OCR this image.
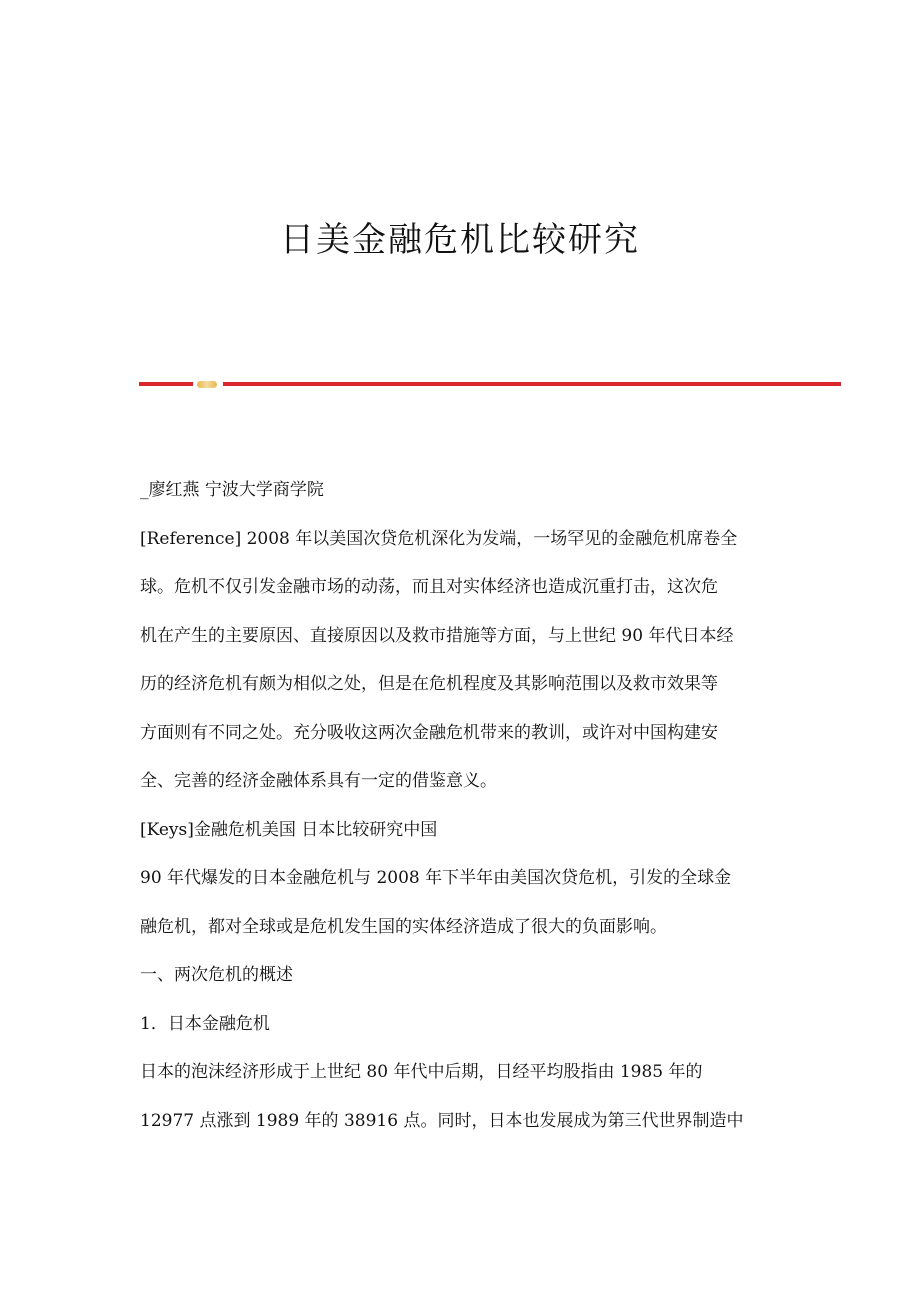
日美金融危机比较研究

_廖红燕 宁波大学商学院

[Reference] 2008 年以美国次贷危机深化为发端，一场罕见的金融危机席卷全

球。危机不仅引发金融市场的动荡，而且对实体经济也造成沉重打击，这次危

机在产生的主要原因、直接原因以及救市措施等方面，与上世纪 90 年代日本经

历的经济危机有颇为相似之处，但是在危机程度及其影响范围以及救市效果等

方面则有不同之处。充分吸收这两次金融危机带来的教训，或许对中国构建安

全、完善的经济金融体系具有一定的借鉴意义。

[Keys]金融危机美国 日本比较研究中国

90 年代爆发的日本金融危机与 2008 年下半年由美国次贷危机，引发的全球金

融危机，都对全球或是危机发生国的实体经济造成了很大的负面影响。

一、两次危机的概述

1．日本金融危机

日本的泡沫经济形成于上世纪 80 年代中后期，日经平均股指由 1985 年的

12977 点涨到 1989 年的 38916 点。同时，日本也发展成为第三代世界制造中
